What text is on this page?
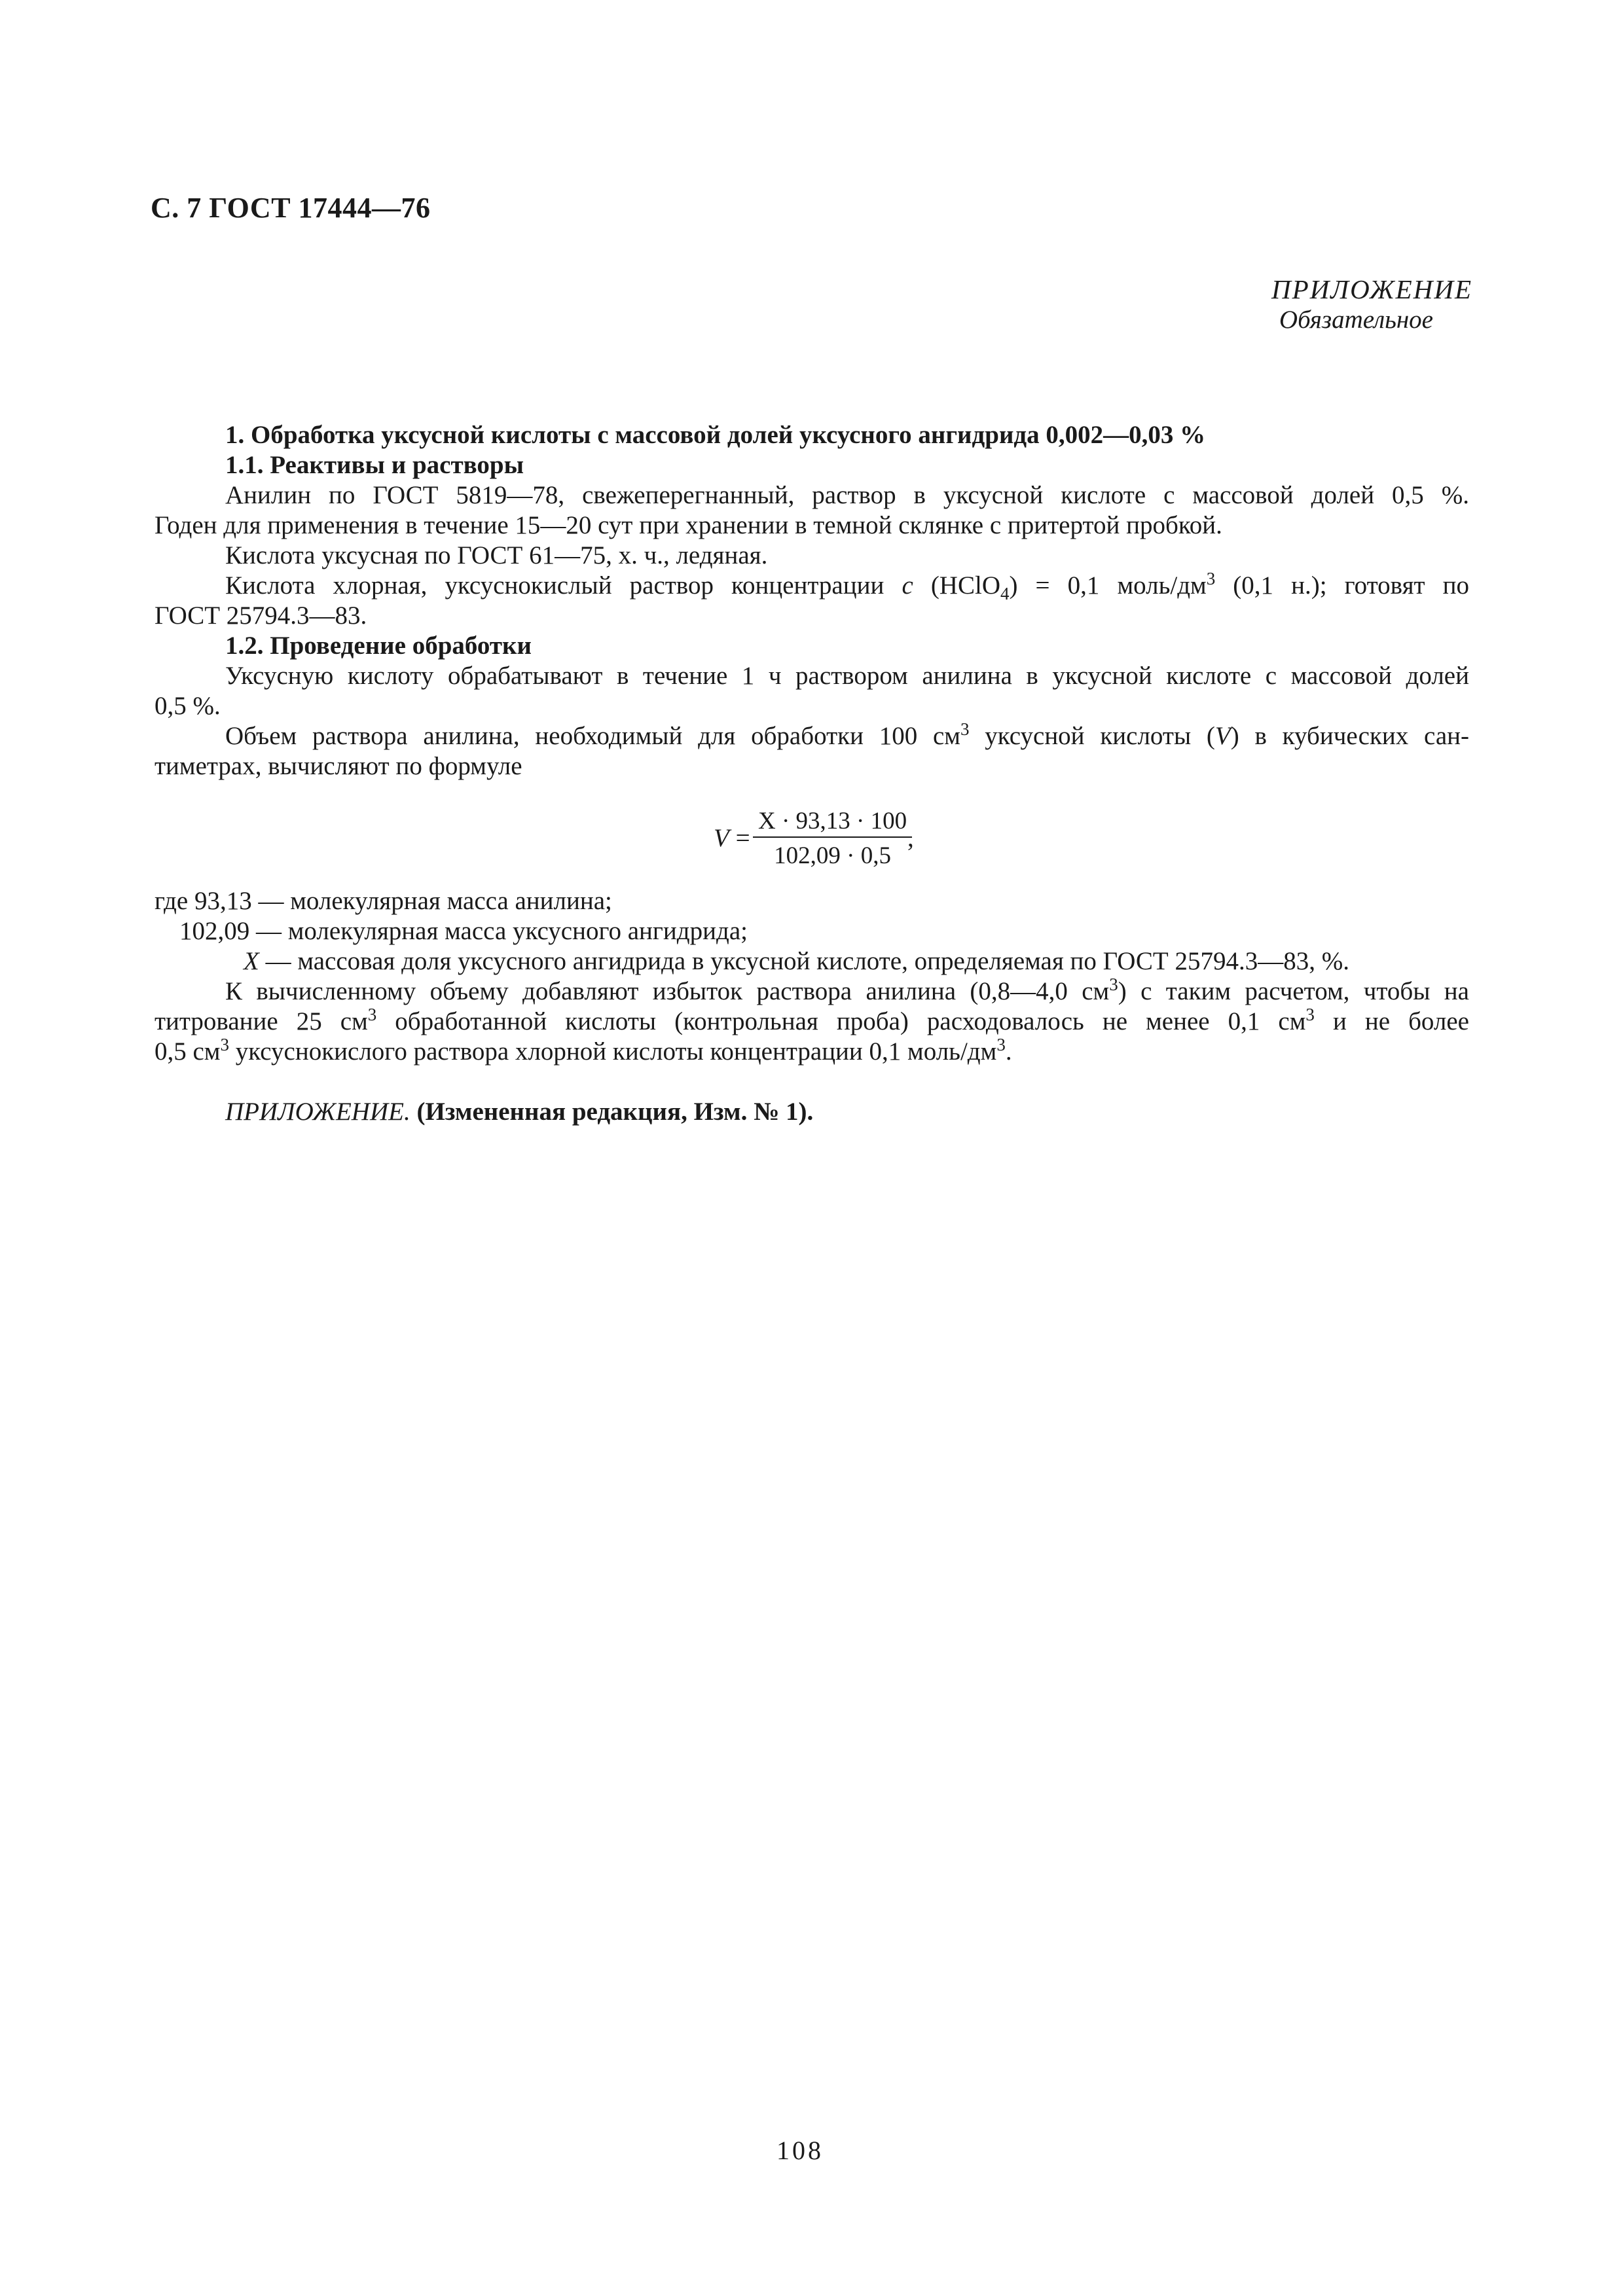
С. 7 ГОСТ 17444—76
ПРИЛОЖЕНИЕ
Обязательное
1. Обработка уксусной кислоты с массовой долей уксусного ангидрида 0,002—0,03 %
1.1. Реактивы и растворы
Анилин по ГОСТ 5819—78, свежеперегнанный, раствор в уксусной кислоте с массовой долей 0,5 %.
Годен для применения в течение 15—20 сут при хранении в темной склянке с притертой пробкой.
Кислота уксусная по ГОСТ 61—75, х. ч., ледяная.
Кислота хлорная, уксуснокислый раствор концентрации c (HClO$_4$) = 0,1 моль/$дм^3$ (0,1 н.); готовят по
ГОСТ 25794.3—83.
1.2. Проведение обработки
Уксусную кислоту обрабатывают в течение 1 ч раствором анилина в уксусной кислоте с массовой долей
0,5 %.
Объем раствора анилина, необходимый для обработки 100 $см^3$ уксусной кислоты (V) в кубических сан-
тиметрах, вычисляют по формуле
$V = \frac{X \cdot 93,13 \cdot 100}{102,09 \cdot 0,5}$
,
где 93,13 — молекулярная масса анилина;
102,09 — молекулярная масса уксусного ангидрида;
X — массовая доля уксусного ангидрида в уксусной кислоте, определяемая по ГОСТ 25794.3—83, %.
К вычисленному объему добавляют избыток раствора анилина (0,8—4,0 $см^3$) с таким расчетом, чтобы на
титрование 25 $см^3$ обработанной кислоты (контрольная проба) расходовалось не менее 0,1 $см^3$ и не более
0,5 $см^3$ уксуснокислого раствора хлорной кислоты концентрации 0,1 моль/$дм^3$.
ПРИЛОЖЕНИЕ. (Измененная редакция, Изм. № 1).
108
